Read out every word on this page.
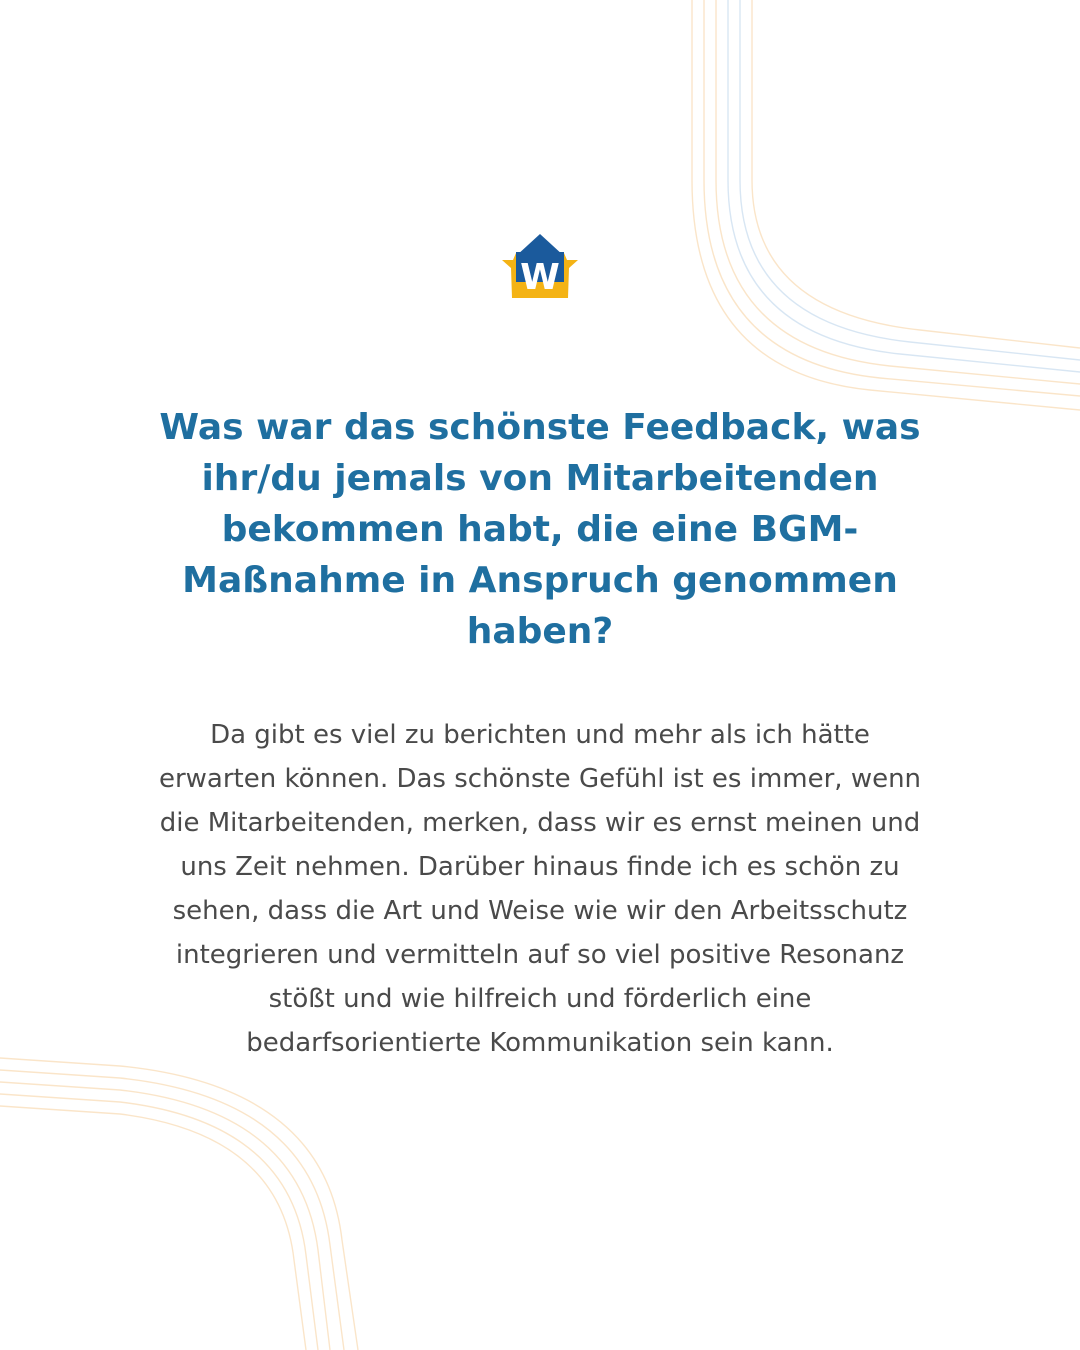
W
Was war das schönste Feedback, was ihr/du jemals von Mitarbeitenden bekommen habt, die eine BGM-Maßnahme in Anspruch genommen haben?

Da gibt es viel zu berichten und mehr als ich hätte erwarten können. Das schönste Gefühl ist es immer, wenn die Mitarbeitenden, merken, dass wir es ernst meinen und uns Zeit nehmen. Darüber hinaus finde ich es schön zu sehen, dass die Art und Weise wie wir den Arbeitsschutz integrieren und vermitteln auf so viel positive Resonanz stößt und wie hilfreich und förderlich eine bedarfsorientierte Kommunikation sein kann.
